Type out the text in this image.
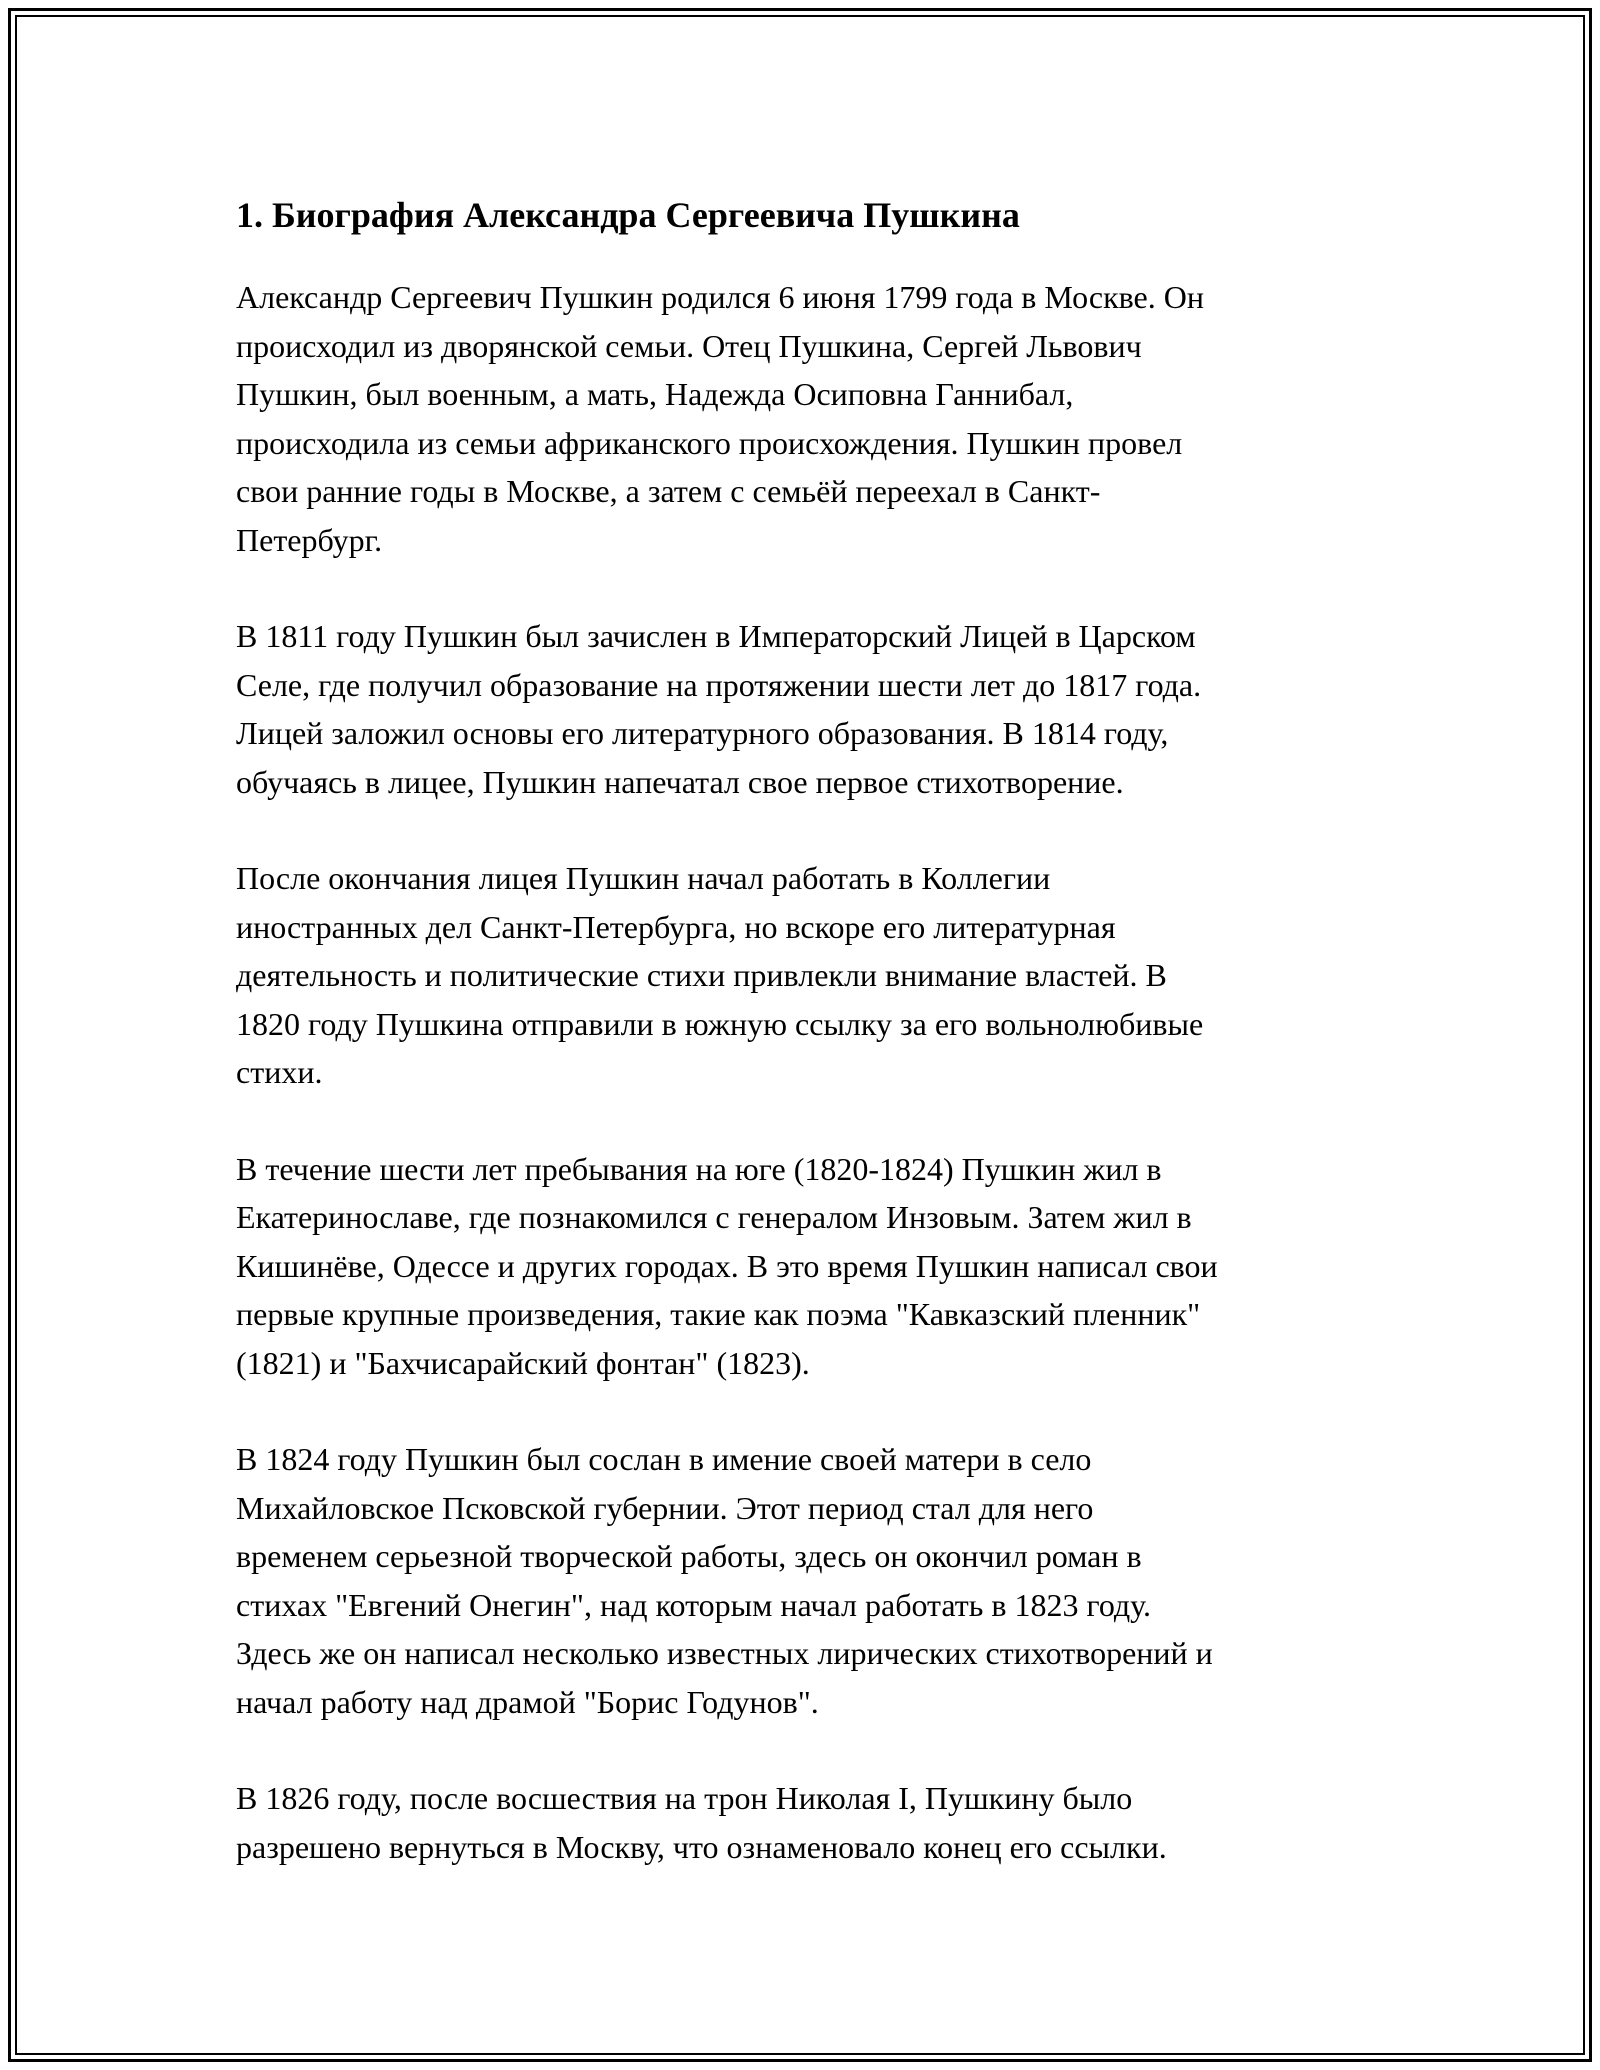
1. Биография Александра Сергеевича Пушкина

Александр Сергеевич Пушкин родился 6 июня 1799 года в Москве. Он
происходил из дворянской семьи. Отец Пушкина, Сергей Львович
Пушкин, был военным, а мать, Надежда Осиповна Ганнибал,
происходила из семьи африканского происхождения. Пушкин провел
свои ранние годы в Москве, а затем с семьёй переехал в Санкт-
Петербург.

В 1811 году Пушкин был зачислен в Императорский Лицей в Царском
Селе, где получил образование на протяжении шести лет до 1817 года.
Лицей заложил основы его литературного образования. В 1814 году,
обучаясь в лицее, Пушкин напечатал свое первое стихотворение.

После окончания лицея Пушкин начал работать в Коллегии
иностранных дел Санкт-Петербурга, но вскоре его литературная
деятельность и политические стихи привлекли внимание властей. В
1820 году Пушкина отправили в южную ссылку за его вольнолюбивые
стихи.

В течение шести лет пребывания на юге (1820-1824) Пушкин жил в
Екатеринославе, где познакомился с генералом Инзовым. Затем жил в
Кишинёве, Одессе и других городах. В это время Пушкин написал свои
первые крупные произведения, такие как поэма "Кавказский пленник"
(1821) и "Бахчисарайский фонтан" (1823).

В 1824 году Пушкин был сослан в имение своей матери в село
Михайловское Псковской губернии. Этот период стал для него
временем серьезной творческой работы, здесь он окончил роман в
стихах "Евгений Онегин", над которым начал работать в 1823 году.
Здесь же он написал несколько известных лирических стихотворений и
начал работу над драмой "Борис Годунов".

В 1826 году, после восшествия на трон Николая I, Пушкину было
разрешено вернуться в Москву, что ознаменовало конец его ссылки.
